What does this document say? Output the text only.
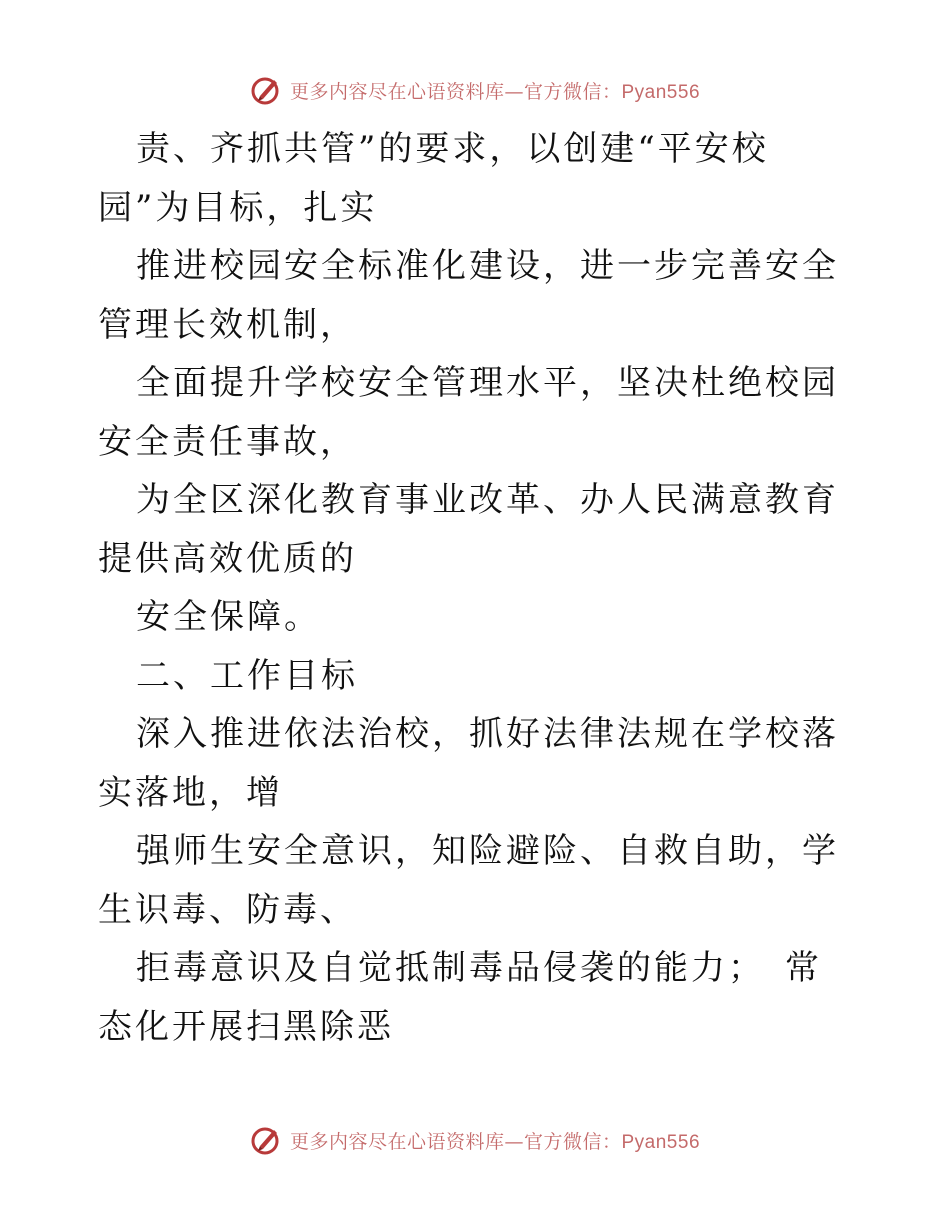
更多内容尽在心语资料库—官方微信：Pyan556

责、齐抓共管”的要求，以创建“平安校园”为目标，扎实

推进校园安全标准化建设，进一步完善安全管理长效机制，

全面提升学校安全管理水平，坚决杜绝校园安全责任事故，

为全区深化教育事业改革、办人民满意教育提供高效优质的

安全保障。

二、工作目标

深入推进依法治校，抓好法律法规在学校落实落地，增

强师生安全意识，知险避险、自救自助，学生识毒、防毒、

拒毒意识及自觉抵制毒品侵袭的能力；　常态化开展扫黑除恶

更多内容尽在心语资料库—官方微信：Pyan556
